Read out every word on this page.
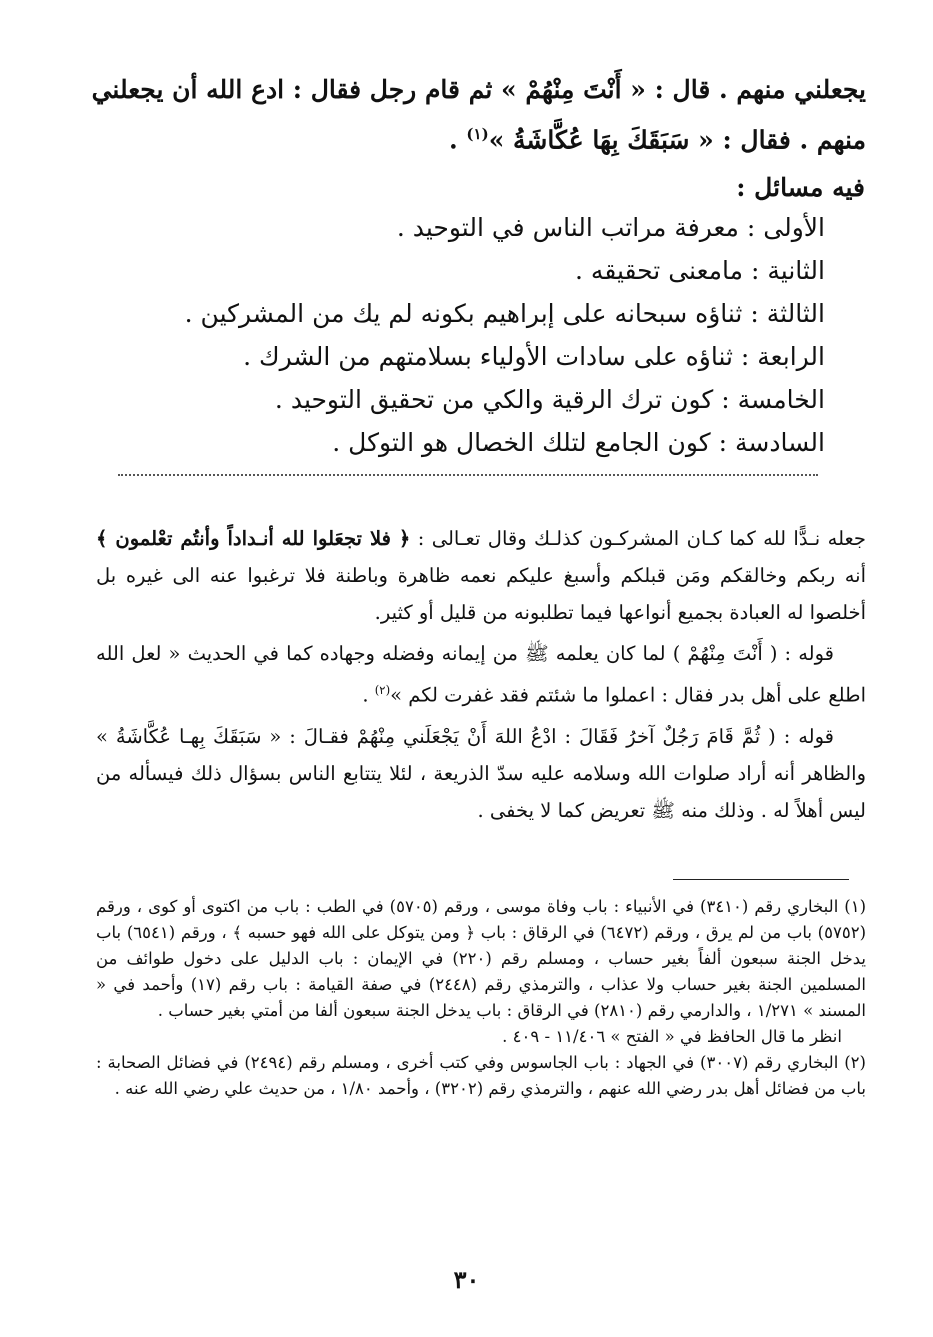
يجعلني منهم . قال : « أَنْتَ مِنْهُمْ » ثم قام رجل فقال : ادع الله أن يجعلني
منهم . فقال : « سَبَقَكَ بِهَا عُكَّاشَةُ »$^{(١)}$ .
فيه مسائل :
الأولى : معرفة مراتب الناس في التوحيد .
الثانية : مامعنى تحقيقه .
الثالثة : ثناؤه سبحانه على إبراهيم بكونه لم يك من المشركين .
الرابعة : ثناؤه على سادات الأولياء بسلامتهم من الشرك .
الخامسة : كون ترك الرقية والكي من تحقيق التوحيد .
السادسة : كون الجامع لتلك الخصال هو التوكل .

جعله نـدًّا لله كما كـان المشركـون كذلـك وقال تعـالى : ﴿ فلا تجعَلوا لله أنـداداً وأنتُم تعْلمون ﴾ أنه ربكم وخالقكم ومَن قبلكم وأسبغ عليكم نعمه ظاهرة وباطنة فلا ترغبوا عنه الى غيره بل أخلصوا له العبادة بجميع أنواعها فيما تطلبونه من قليل أو كثير.

قوله : ( أَنْتَ مِنْهُمْ ) لما كان يعلمه ﷺ من إيمانه وفضله وجهاده كما في الحديث « لعل الله اطلع على أهل بدر فقال : اعملوا ما شئتم فقد غفرت لكم »$^{(٢)}$ .

قوله : ( ثُمَّ قَامَ رَجُلٌ آخرُ فَقَالَ : ادْعُ اللهَ أَنْ يَجْعَلَني مِنْهُمْ فقـالَ : « سَبَقَكَ بِهـا عُكَّاشَةُ » والظاهر أنه أراد صلوات الله وسلامه عليه سدّ الذريعة ، لئلا يتتابع الناس بسؤال ذلك فيسأله من ليس أهلاً له . وذلك منه ﷺ تعريض كما لا يخفى .

(١) البخاري رقم (٣٤١٠) في الأنبياء : باب وفاة موسى ، ورقم (٥٧٠٥) في الطب : باب من اكتوى أو كوى ، ورقم (٥٧٥٢) باب من لم يرق ، ورقم (٦٤٧٢) في الرقاق : باب ﴿ ومن يتوكل على الله فهو حسبه ﴾ ، ورقم (٦٥٤١) باب يدخل الجنة سبعون ألفاً بغير حساب ، ومسلم رقم (٢٢٠) في الإيمان : باب الدليل على دخول طوائف من المسلمين الجنة بغير حساب ولا عذاب ، والترمذي رقم (٢٤٤٨) في صفة القيامة : باب رقم (١٧) وأحمد في « المسند » ١/٢٧١ ، والدارمي رقم (٢٨١٠) في الرقاق : باب يدخل الجنة سبعون ألفا من أمتي بغير حساب .

انظر ما قال الحافظ في « الفتح » ١١/٤٠٦ - ٤٠٩ .

(٢) البخاري رقم (٣٠٠٧) في الجهاد : باب الجاسوس وفي كتب أخرى ، ومسلم رقم (٢٤٩٤) في فضائل الصحابة : باب من فضائل أهل بدر رضي الله عنهم ، والترمذي رقم (٣٢٠٢) ، وأحمد ١/٨٠ ، من حديث علي رضي الله عنه .

٣٠
